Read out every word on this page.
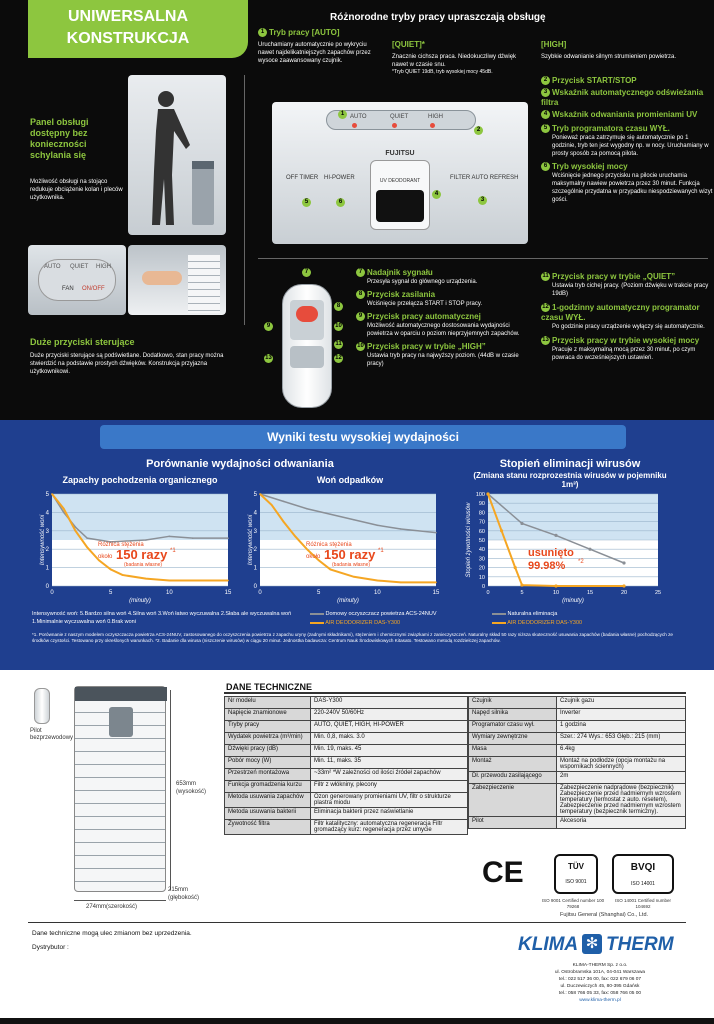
UNIWERSALNA
KONSTRUKCJA
Różnorodne tryby pracy upraszczają obsługę
Panel obsługi dostępny bez konieczności schylania się
Możliwość obsługi na stojąco redukuje obciążenie kolan i pleców użytkownika.
AUTO QUIET HIGH
FAN ON/OFF
Duże przyciski sterujące
Duże przyciski sterujące są podświetlane. Dodatkowo, stan pracy można stwierdzić na podstawie prostych dźwięków. Konstrukcja przyjazna użytkownikowi.
1 Tryb pracy [AUTO]
Uruchamiany automatycznie po wykryciu nawet najdelikatniejszych zapachów przez wysoce zaawansowany czujnik.
[QUIET]*
Znacznie cichsza praca. Niedokuczliwy dźwięk nawet w czasie snu.
*Tryb QUIET 19dB, tryb wysokiej mocy 45dB.
[HIGH]
Szybkie odwanianie silnym strumieniem powietrza.
AUTO	QUIET	HIGH
FUJITSU
UV DEODORANT
OFF TIMER HI-POWER	FILTER AUTO REFRESH
1
2
3
4
5	6
2 Przycisk START/STOP
3 Wskaźnik automatycznego odświeżania filtra
4 Wskaźnik odwaniania promieniami UV
5 Tryb programatora czasu WYŁ.
Ponieważ praca zatrzymuje się automatycznie po 1 godzinie, tryb ten jest wygodny np. w nocy. Uruchamiany w prosty sposób za pomocą pilota.
6 Tryb wysokiej mocy
Wciśnięcie jednego przycisku na pilocie uruchamia maksymalny nawiew powietrza przez 30 minut. Funkcja szczególnie przydatna w przypadku niespodziewanych wizyt gości.
7
8
9	10
11
12
13
7 Nadajnik sygnału
Przesyła sygnał do głównego urządzenia.
8 Przycisk zasilania
Wciśnięcie przełącza START i STOP pracy.
9 Przycisk pracy automatycznej
Możliwość automatycznego dostosowania wydajności powietrza w oparciu o poziom nieprzyjemnych zapachów.
10 Przycisk pracy w trybie „HIGH”
Ustawia tryb pracy na najwyższy poziom. (44dB w czasie pracy)
11 Przycisk pracy w trybie „QUIET”
Ustawia tryb cichej pracy. (Poziom dźwięku w trakcie pracy 19dB)
12 1-godzinny automatyczny programator czasu WYŁ.
Po godzinie pracy urządzenie wyłączy się automatycznie.
13 Przycisk pracy w trybie wysokiej mocy
Pracuje z maksymalną mocą przez 30 minut, po czym powraca do wcześniejszych ustawień.
Wyniki testu wysokiej wydajności
Porównanie wydajności odwaniania	Stopień eliminacji wirusów
(Zmiana stanu rozprozestnia wirusów w pojemniku 1m³)
Zapachy pochodzenia organicznego	Woń odpadków
0
1
2
3
4
5
0	5	10	15
(minuty)
Intensywność woni	Różnica stężenia
około 150 razy *1
(badania własne)
0
1
2
3
4
5
0	5	10	15
(minuty)
Intensywność woni	Różnica stężenia
około 150 razy *1
(badania własne)
0
10
20
30
40
50
60
70
80
90
100
0	5	10	15	20	25
(minuty)
Stopień żywotności wirusów	usunięto
99.98% *2
Intensywność woń: 5.Bardzo silna woń 4.Silna woń 3.Woń łatwo wyczuwalna 2.Słaba ale wyczuwalna woń 1.Minimalnie wyczuwalna woń 0.Brak woni
Domowy oczyszczacz powietrza ACS-24NUV
AIR DEODORIZER DAS-Y300
Naturalna eliminacja
AIR DEODORIZER DAS-Y300
*1. Porównanie z naszym modelem oczyszczacza powietrza ACS-24NUV, zastosowanego do oczyszczenia powietrza z zapachu uryny (zadnymi składnikami), stężeniem i chemicznymi związkami z zanieczyszczeń. Naturalny skład 50 razy niższa skuteczność usuwania zapachów (badania własne) pochodzących ze środków czystości. Testowano przy określonych warunkach. *2. Badanie dla wirusa (niszczenie wirusów) w ciągu 20 minut. Jednostka badawcza: Centrum Nauk Środowiskowych Kitasato. Testowano metodą rozdzielczej zapachów.
Pilot bezprzewodowy
653mm (wysokość)
215mm (głębokość)
274mm(szerokość)
DANE TECHNICZNE
Nr modelu	DAS-Y300
Napięcie znamionowe	220-240V 50/60Hz
Tryby pracy	AUTO, QUIET, HIGH, HI-POWER
Wydatek powietrza (m³/min)	Min. 0,8, maks. 3.0
Dźwięki pracy (dB)	Min. 19, maks. 45
Pobór mocy (W)	Min. 11, maks. 35
Przestrzeń montażowa	~33m² *W zależności od ilości źródeł zapachów
Funkcja gromadzenia kurzu	Filtr z włókniny, plecony
Metoda usuwania zapachów	Ozon generowany promieniami UV, filtr o strukturze plastra miodu
Metoda usuwania bakterii	Eliminacja bakterii przez naświetlanie
Żywotność filtra	Filtr katalityczny: automatyczna regeneracja Filtr gromadzący kurz: regeneracja przez umycie
Czujnik	Czujnik gazu
Napęd silnika	Inverter
Programator czasu wył.	1 godzina
Wymiary zewnętrzne	Szer.: 274 Wys.: 653 Głęb.: 215 (mm)
Masa	6.4kg
Montaż	Montaż na podłodze (opcja montażu na wspornikach ściennych)
Dł. przewodu zasilającego	2m
Zabezpieczenie	Zabezpieczenie nadprądowe (bezpiecznik) Zabezpieczenie przed nadmiernym wzrostem temperatury (termostat z auto. resetem), Zabezpieczenie przed nadmiernym wzrostem temperatury (bezpiecznik termiczny).
Pilot	Akcesoria
CE	TÜV
ISO 9001
BVQI
ISO 14001
ISO 9001 Certified number 100 79268
ISO 14001 Certified number 104692
Fujitsu General (Shanghai) Co., Ltd.
Dane techniczne mogą ulec zmianom bez uprzedzenia.
Dystrybutor :	KLIMA ✻ THERM
KLIMA-THERM Sp. z o.o.
ul. Ostrobramska 101A, 04-041 Warszawa
tel.: 022 517 36 00, fax: 022 679 06 07
ul. Duczewiczych 45, 80-395 Gdańsk
tel.: 058 766 05 33, fax: 058 766 05 00
www.klima-therm.pl
